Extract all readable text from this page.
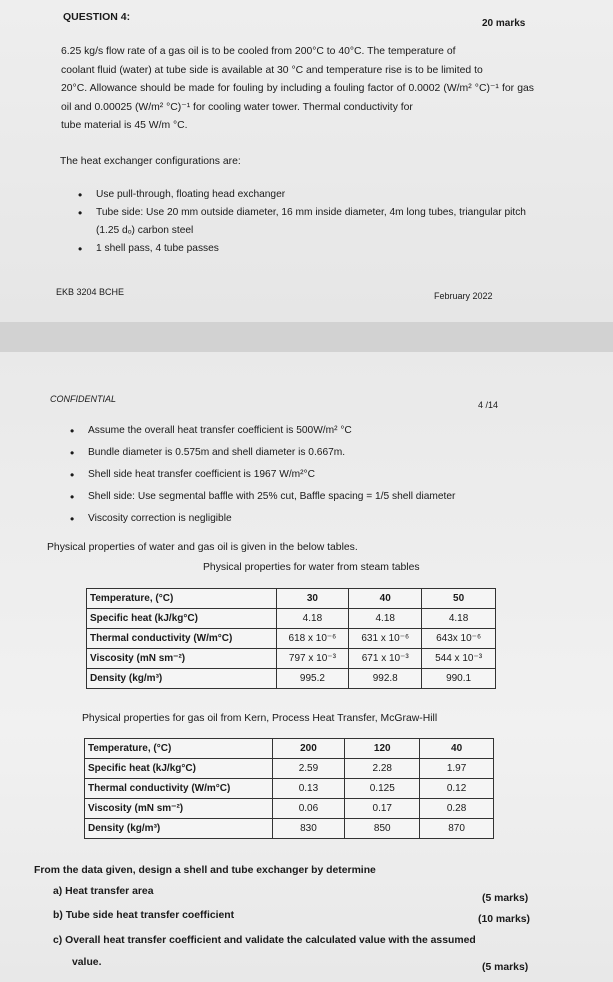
QUESTION 4:
20 marks
6.25 kg/s flow rate of a gas oil is to be cooled from 200°C to 40°C. The temperature of
coolant fluid (water) at tube side is available at 30 °C and temperature rise is to be limited to
20°C. Allowance should be made for fouling by including a fouling factor of 0.0002 (W/m² °C)⁻¹ for gas oil and 0.00025 (W/m² °C)⁻¹ for cooling water tower. Thermal conductivity for
tube material is 45 W/m °C.
The heat exchanger configurations are:
• Use pull-through, floating head exchanger
• Tube side: Use 20 mm outside diameter, 16 mm inside diameter, 4m long tubes, triangular pitch (1.25 dₒ) carbon steel
• 1 shell pass, 4 tube passes
EKB 3204 BCHE	February 2022
CONFIDENTIAL
4 /14
• Assume the overall heat transfer coefficient is 500W/m² °C
• Bundle diameter is 0.575m and shell diameter is 0.667m.
• Shell side heat transfer coefficient is 1967 W/m²°C
• Shell side: Use segmental baffle with 25% cut, Baffle spacing = 1/5 shell diameter
• Viscosity correction is negligible
Physical properties of water and gas oil is given in the below tables.
Physical properties for water from steam tables
Temperature, (°C)	30	40	50
Specific heat (kJ/kg°C)	4.18	4.18	4.18
Thermal conductivity (W/m°C)	618 x 10⁻⁶	631 x 10⁻⁶	643x 10⁻⁶
Viscosity (mN sm⁻²)	797 x 10⁻³	671 x 10⁻³	544 x 10⁻³
Density (kg/m³)	995.2	992.8	990.1
Physical properties for gas oil from Kern, Process Heat Transfer, McGraw-Hill
Temperature, (°C)	200	120	40
Specific heat (kJ/kg°C)	2.59	2.28	1.97
Thermal conductivity (W/m°C)	0.13	0.125	0.12
Viscosity (mN sm⁻²)	0.06	0.17	0.28
Density (kg/m³)	830	850	870
From the data given, design a shell and tube exchanger by determine
a) Heat transfer area
(5 marks)
b) Tube side heat transfer coefficient	(10 marks)
c) Overall heat transfer coefficient and validate the calculated value with the assumed
value.	(5 marks)
